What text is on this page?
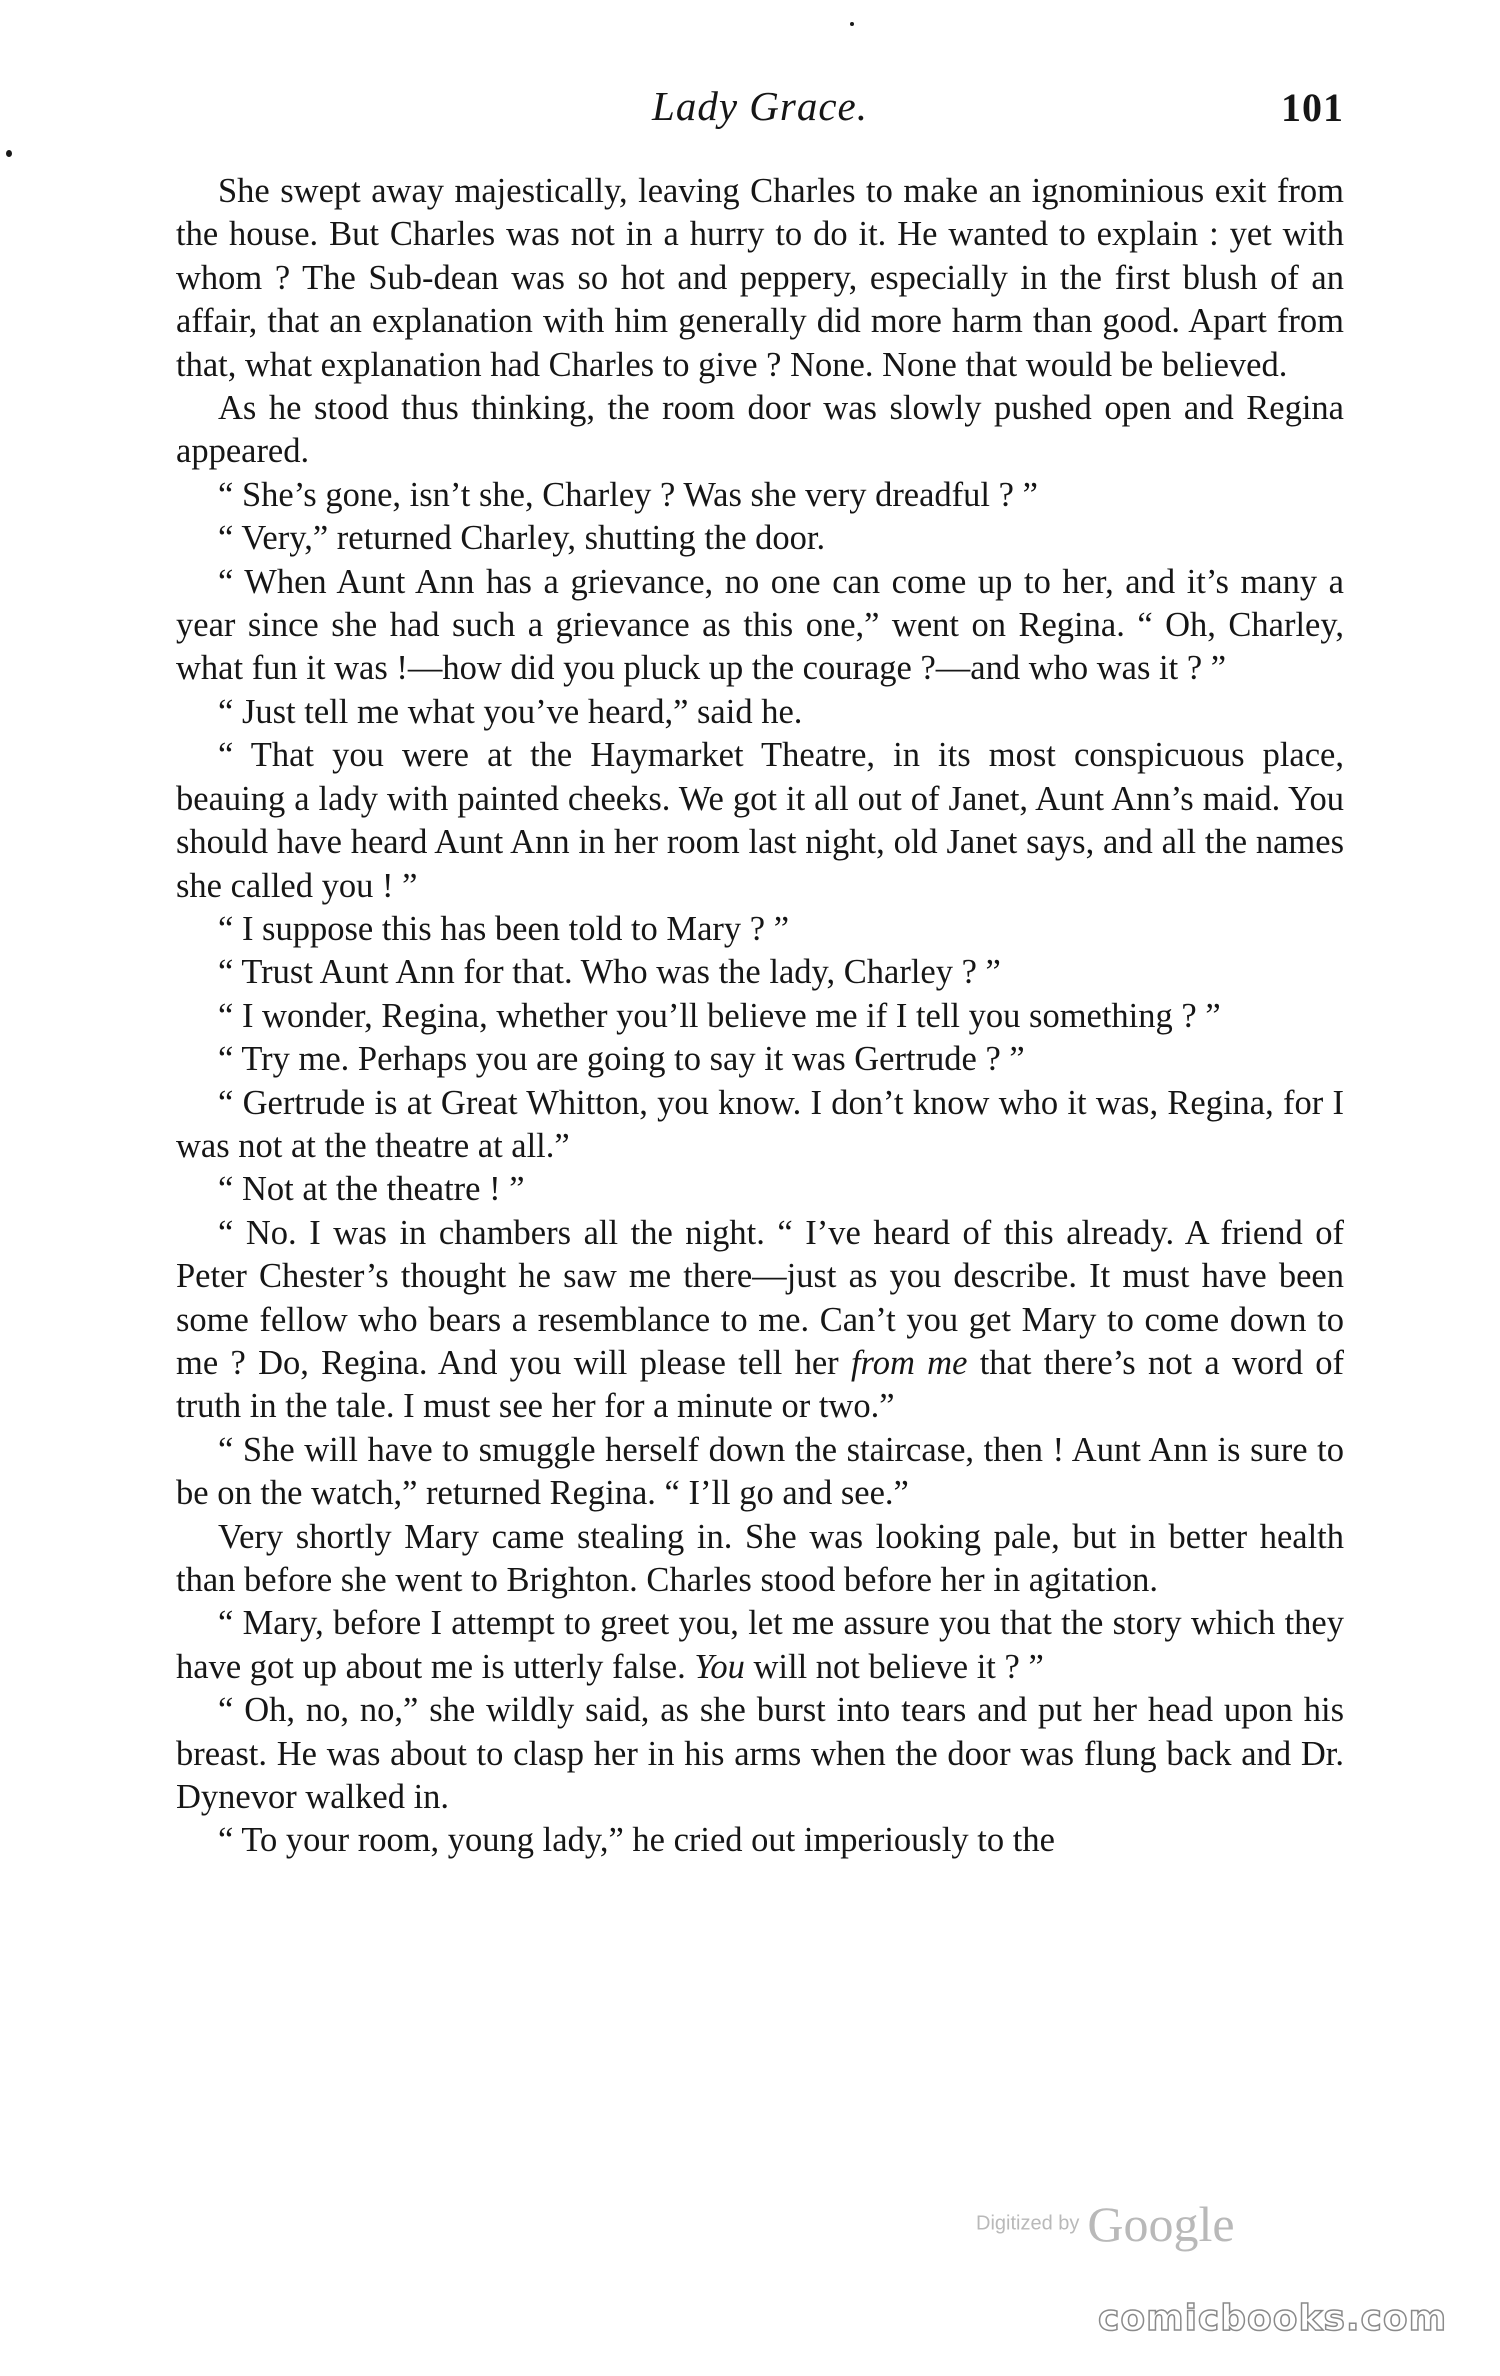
Lady Grace.	101

She swept away majestically, leaving Charles to make an ignominious exit from the house. But Charles was not in a hurry to do it. He wanted to explain : yet with whom ? The Sub-dean was so hot and peppery, especially in the first blush of an affair, that an explanation with him generally did more harm than good. Apart from that, what explanation had Charles to give ? None. None that would be believed.

As he stood thus thinking, the room door was slowly pushed open and Regina appeared.

“ She’s gone, isn’t she, Charley ? Was she very dreadful ? ”

“ Very,” returned Charley, shutting the door.

“ When Aunt Ann has a grievance, no one can come up to her, and it’s many a year since she had such a grievance as this one,” went on Regina. “ Oh, Charley, what fun it was !—how did you pluck up the courage ?—and who was it ? ”

“ Just tell me what you’ve heard,” said he.

“ That you were at the Haymarket Theatre, in its most conspicuous place, beauing a lady with painted cheeks. We got it all out of Janet, Aunt Ann’s maid. You should have heard Aunt Ann in her room last night, old Janet says, and all the names she called you ! ”

“ I suppose this has been told to Mary ? ”

“ Trust Aunt Ann for that. Who was the lady, Charley ? ”

“ I wonder, Regina, whether you’ll believe me if I tell you something ? ”

“ Try me. Perhaps you are going to say it was Gertrude ? ”

“ Gertrude is at Great Whitton, you know. I don’t know who it was, Regina, for I was not at the theatre at all.”

“ Not at the theatre ! ”

“ No. I was in chambers all the night. “ I’ve heard of this already. A friend of Peter Chester’s thought he saw me there—just as you describe. It must have been some fellow who bears a resemblance to me. Can’t you get Mary to come down to me ? Do, Regina. And you will please tell her from me that there’s not a word of truth in the tale. I must see her for a minute or two.”

“ She will have to smuggle herself down the staircase, then ! Aunt Ann is sure to be on the watch,” returned Regina. “ I’ll go and see.”

Very shortly Mary came stealing in. She was looking pale, but in better health than before she went to Brighton. Charles stood before her in agitation.

“ Mary, before I attempt to greet you, let me assure you that the story which they have got up about me is utterly false. You will not believe it ? ”

“ Oh, no, no,” she wildly said, as she burst into tears and put her head upon his breast. He was about to clasp her in his arms when the door was flung back and Dr. Dynevor walked in.

“ To your room, young lady,” he cried out imperiously to the

Digitized by Google
comicbooks.com
